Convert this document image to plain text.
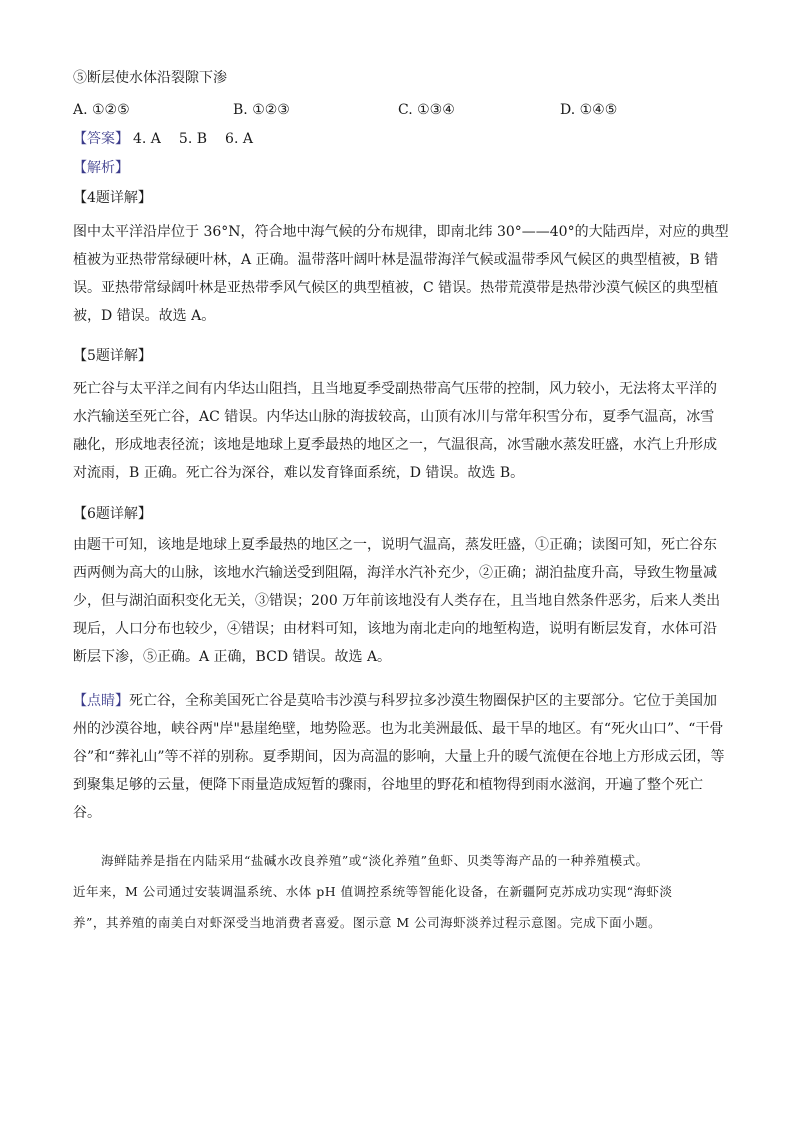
⑤断层使水体沿裂隙下渗

A. ①②⑤	B. ①②③	C. ①③④	D. ①④⑤

【答案】 4. A 5. B 6. A

【解析】

【4题详解】

图中太平洋沿岸位于 36°N，符合地中海气候的分布规律，即南北纬 30°——40°的大陆西岸，对应的典型
植被为亚热带常绿硬叶林，A 正确。温带落叶阔叶林是温带海洋气候或温带季风气候区的典型植被，B 错
误。亚热带常绿阔叶林是亚热带季风气候区的典型植被，C 错误。热带荒漠带是热带沙漠气候区的典型植
被，D 错误。故选 A。

【5题详解】

死亡谷与太平洋之间有内华达山阻挡，且当地夏季受副热带高气压带的控制，风力较小，无法将太平洋的
水汽输送至死亡谷，AC 错误。内华达山脉的海拔较高，山顶有冰川与常年积雪分布，夏季气温高，冰雪
融化，形成地表径流；该地是地球上夏季最热的地区之一，气温很高，冰雪融水蒸发旺盛，水汽上升形成
对流雨，B 正确。死亡谷为深谷，难以发育锋面系统，D 错误。故选 B。

【6题详解】

由题干可知，该地是地球上夏季最热的地区之一，说明气温高，蒸发旺盛，①正确；读图可知，死亡谷东
西两侧为高大的山脉，该地水汽输送受到阻隔，海洋水汽补充少，②正确；湖泊盐度升高，导致生物量减
少，但与湖泊面积变化无关，③错误；200 万年前该地没有人类存在，且当地自然条件恶劣，后来人类出
现后，人口分布也较少，④错误；由材料可知，该地为南北走向的地堑构造，说明有断层发育，水体可沿
断层下渗，⑤正确。A 正确，BCD 错误。故选 A。

【点睛】死亡谷，全称美国死亡谷是莫哈韦沙漠与科罗拉多沙漠生物圈保护区的主要部分。它位于美国加
州的沙漠谷地，峡谷两"岸"悬崖绝壁，地势险恶。也为北美洲最低、最干旱的地区。有“死火山口”、“干骨
谷”和“葬礼山”等不祥的别称。夏季期间，因为高温的影响，大量上升的暖气流便在谷地上方形成云团，等
到聚集足够的云量，便降下雨量造成短暂的骤雨，谷地里的野花和植物得到雨水滋润，开遍了整个死亡
谷。

海鲜陆养是指在内陆采用“盐碱水改良养殖”或“淡化养殖”鱼虾、贝类等海产品的一种养殖模式。
近年来，M 公司通过安装调温系统、水体 pH 值调控系统等智能化设备，在新疆阿克苏成功实现“海虾淡
养”，其养殖的南美白对虾深受当地消费者喜爱。图示意 M 公司海虾淡养过程示意图。完成下面小题。
